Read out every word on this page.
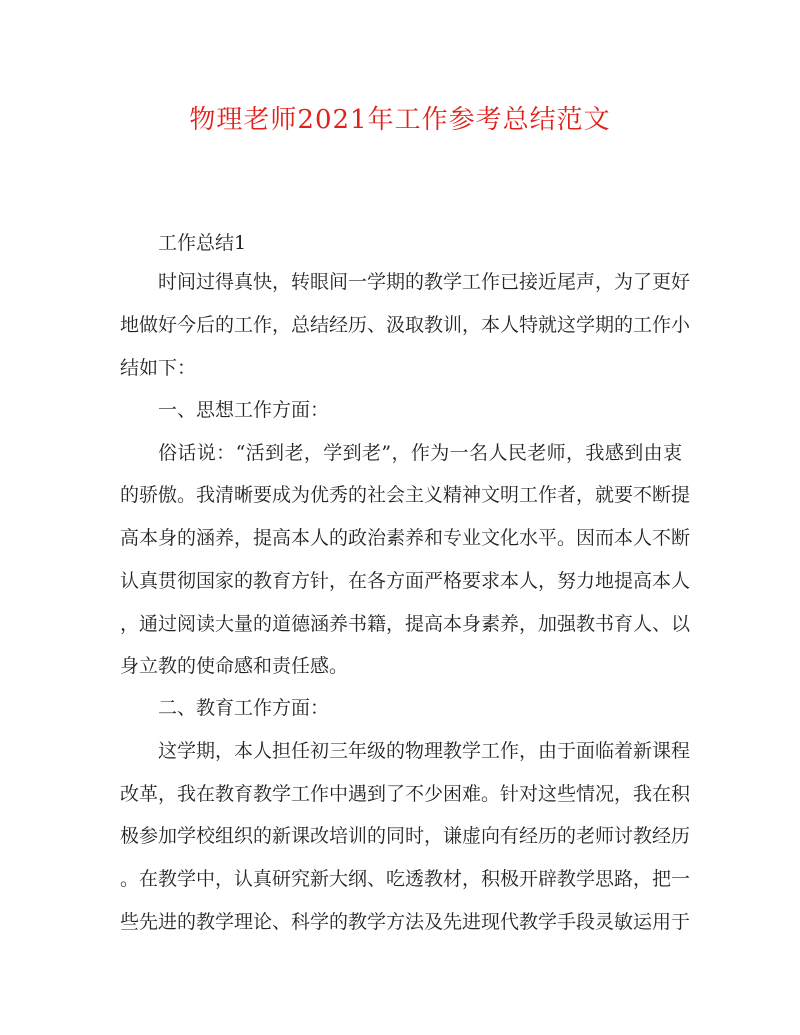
物理老师2021年工作参考总结范文
工作总结1
时间过得真快，转眼间一学期的教学工作已接近尾声，为了更好
地做好今后的工作，总结经历、汲取教训，本人特就这学期的工作小
结如下：
一、思想工作方面：
俗话说：“活到老，学到老”，作为一名人民老师，我感到由衷
的骄傲。我清晰要成为优秀的社会主义精神文明工作者，就要不断提
高本身的涵养，提高本人的政治素养和专业文化水平。因而本人不断
认真贯彻国家的教育方针，在各方面严格要求本人，努力地提高本人
，通过阅读大量的道德涵养书籍，提高本身素养，加强教书育人、以
身立教的使命感和责任感。
二、教育工作方面：
这学期，本人担任初三年级的物理教学工作，由于面临着新课程
改革，我在教育教学工作中遇到了不少困难。针对这些情况，我在积
极参加学校组织的新课改培训的同时，谦虚向有经历的老师讨教经历
。在教学中，认真研究新大纲、吃透教材，积极开辟教学思路，把一
些先进的教学理论、科学的教学方法及先进现代教学手段灵敏运用于
